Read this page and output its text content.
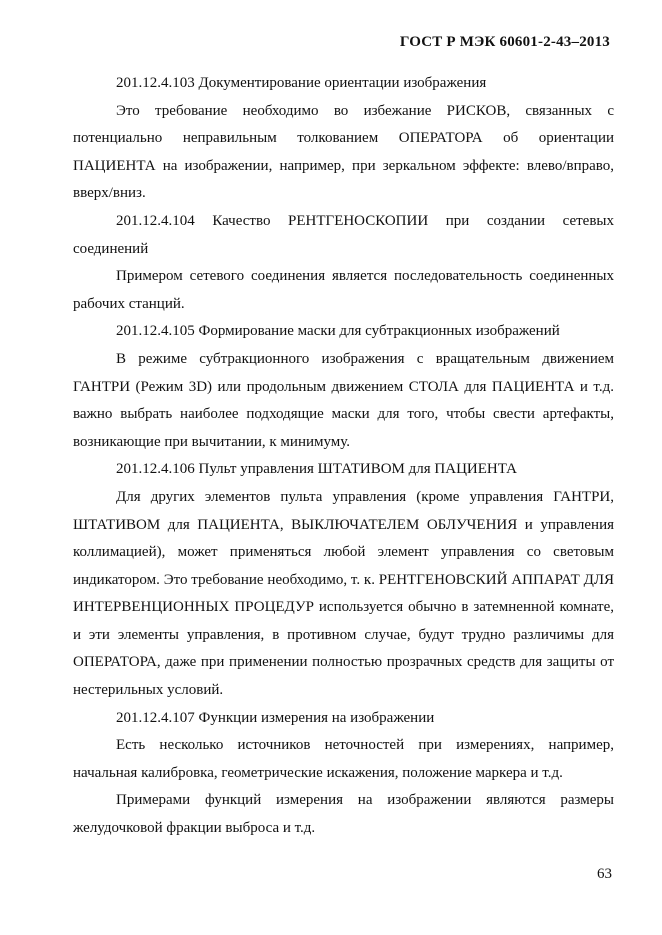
ГОСТ Р МЭК 60601-2-43–2013

201.12.4.103 Документирование ориентации изображения

Это требование необходимо во избежание РИСКОВ, связанных с потенциально неправильным толкованием ОПЕРАТОРА об ориентации ПАЦИЕНТА на изображении, например, при зеркальном эффекте: влево/вправо, вверх/вниз.

201.12.4.104 Качество РЕНТГЕНОСКОПИИ при создании сетевых соединений

Примером сетевого соединения является последовательность соединенных рабочих станций.

201.12.4.105 Формирование маски для субтракционных изображений

В режиме субтракционного изображения с вращательным движением ГАНТРИ (Режим 3D) или продольным движением СТОЛА для ПАЦИЕНТА и т.д. важно выбрать наиболее подходящие маски для того, чтобы свести артефакты, возникающие при вычитании, к минимуму.

201.12.4.106 Пульт управления ШТАТИВОМ для ПАЦИЕНТА

Для других элементов пульта управления (кроме управления ГАНТРИ, ШТАТИВОМ для ПАЦИЕНТА, ВЫКЛЮЧАТЕЛЕМ ОБЛУЧЕНИЯ и управления коллимацией), может применяться любой элемент управления со световым индикатором. Это требование необходимо, т. к. РЕНТГЕНОВСКИЙ АППАРАТ ДЛЯ ИНТЕРВЕНЦИОННЫХ ПРОЦЕДУР используется обычно в затемненной комнате, и эти элементы управления, в противном случае, будут трудно различимы для ОПЕРАТОРА, даже при применении полностью прозрачных средств для защиты от нестерильных условий.

201.12.4.107 Функции измерения на изображении

Есть несколько источников неточностей при измерениях, например, начальная калибровка, геометрические искажения, положение маркера и т.д.

Примерами функций измерения на изображении являются размеры желудочковой фракции выброса и т.д.

63
